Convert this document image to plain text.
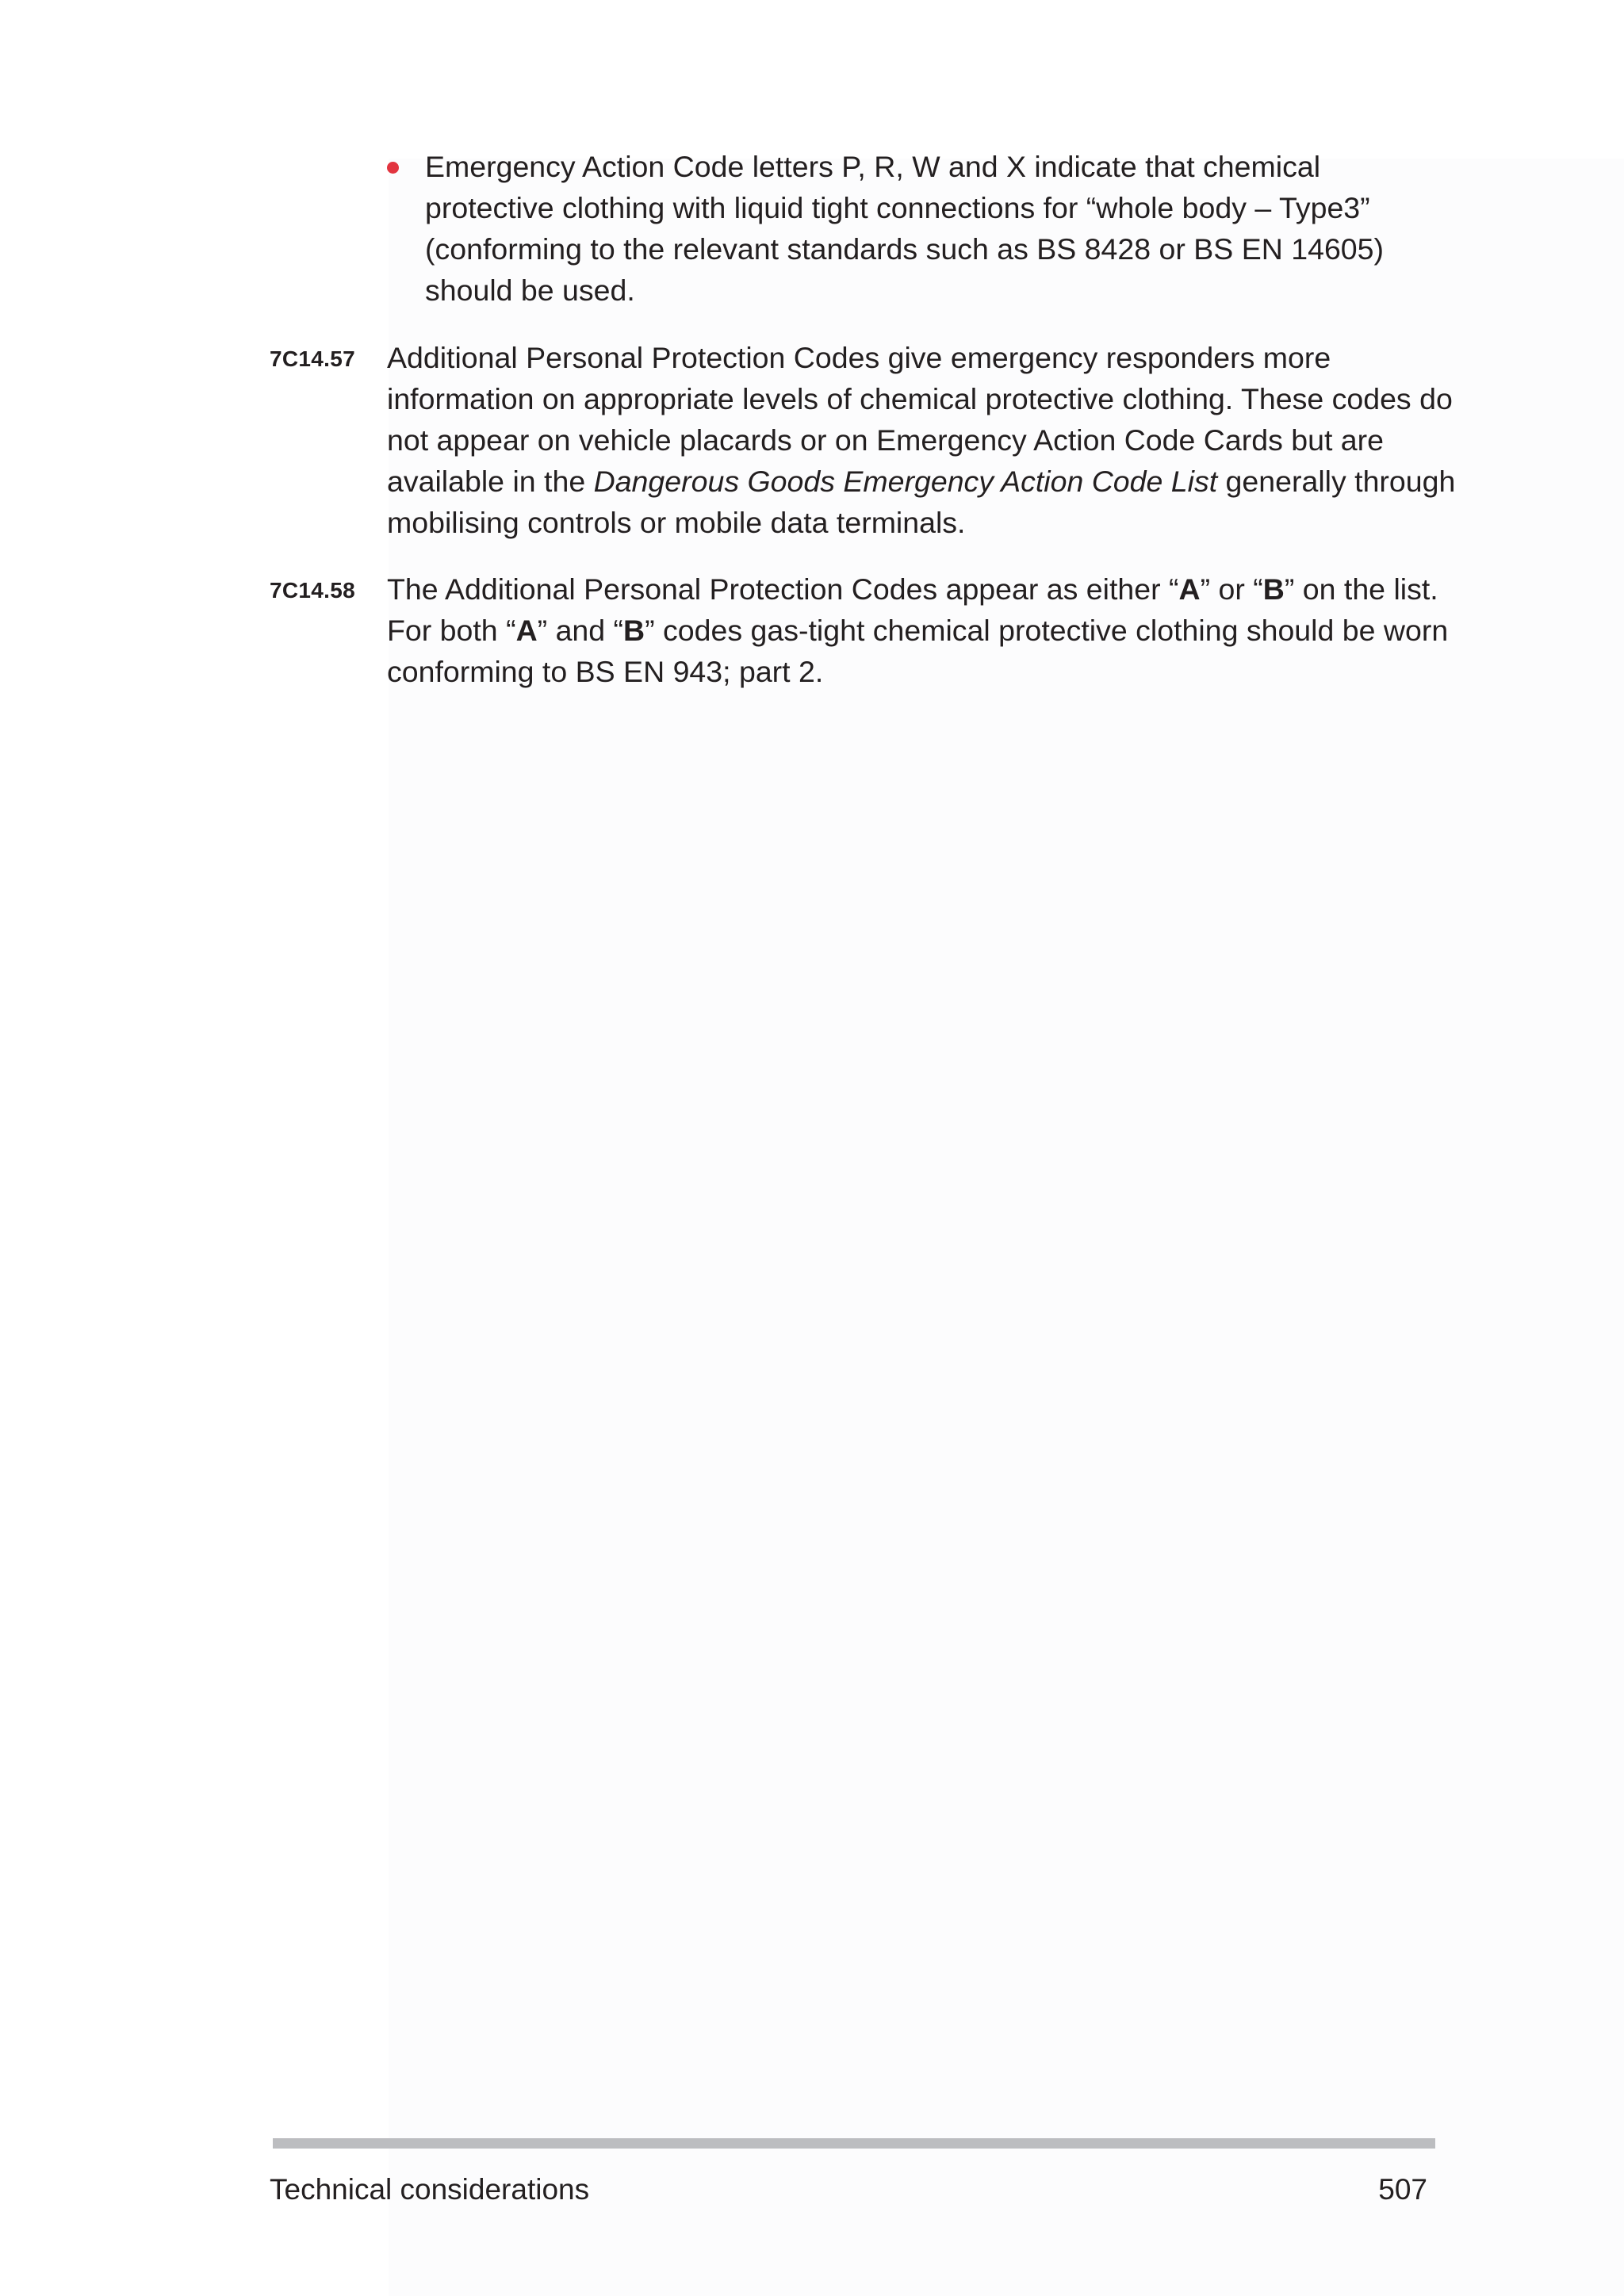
Emergency Action Code letters P, R, W and X indicate that chemical protective clothing with liquid tight connections for “whole body – Type3” (conforming to the relevant standards such as BS 8428 or BS EN 14605) should be used.

7C14.57	Additional Personal Protection Codes give emergency responders more information on appropriate levels of chemical protective clothing. These codes do not appear on vehicle placards or on Emergency Action Code Cards but are available in the Dangerous Goods Emergency Action Code List generally through mobilising controls or mobile data terminals.

7C14.58	The Additional Personal Protection Codes appear as either “A” or “B” on the list. For both “A” and “B” codes gas-tight chemical protective clothing should be worn conforming to BS EN 943; part 2.

Technical considerations	507
